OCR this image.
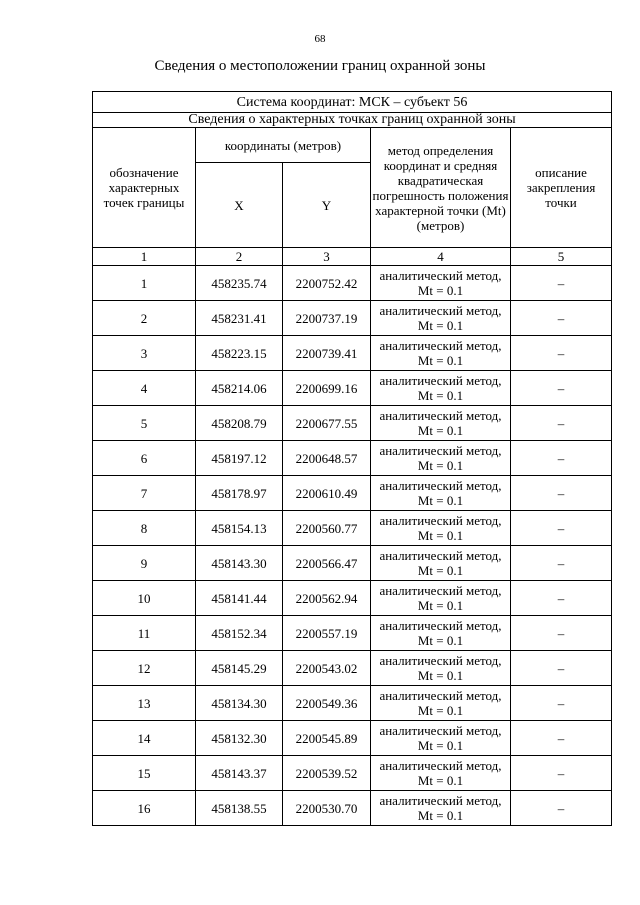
68
Сведения о местоположении границ охранной зоны
Система координат: МСК – субъект 56				
Сведения о характерных точках границ охранной зоны				
обозначение характерных точек границы	координаты (метров)		метод определения координат и средняя квадратическая погрешность положения характерной точки (Mt) (метров)	описание закрепления точки
	X	Y		
1	2	3	4	5
1	458235.74	2200752.42	аналитический метод, Mt = 0.1	–
2	458231.41	2200737.19	аналитический метод, Mt = 0.1	–
3	458223.15	2200739.41	аналитический метод, Mt = 0.1	–
4	458214.06	2200699.16	аналитический метод, Mt = 0.1	–
5	458208.79	2200677.55	аналитический метод, Mt = 0.1	–
6	458197.12	2200648.57	аналитический метод, Mt = 0.1	–
7	458178.97	2200610.49	аналитический метод, Mt = 0.1	–
8	458154.13	2200560.77	аналитический метод, Mt = 0.1	–
9	458143.30	2200566.47	аналитический метод, Mt = 0.1	–
10	458141.44	2200562.94	аналитический метод, Mt = 0.1	–
11	458152.34	2200557.19	аналитический метод, Mt = 0.1	–
12	458145.29	2200543.02	аналитический метод, Mt = 0.1	–
13	458134.30	2200549.36	аналитический метод, Mt = 0.1	–
14	458132.30	2200545.89	аналитический метод, Mt = 0.1	–
15	458143.37	2200539.52	аналитический метод, Mt = 0.1	–
16	458138.55	2200530.70	аналитический метод, Mt = 0.1	–
